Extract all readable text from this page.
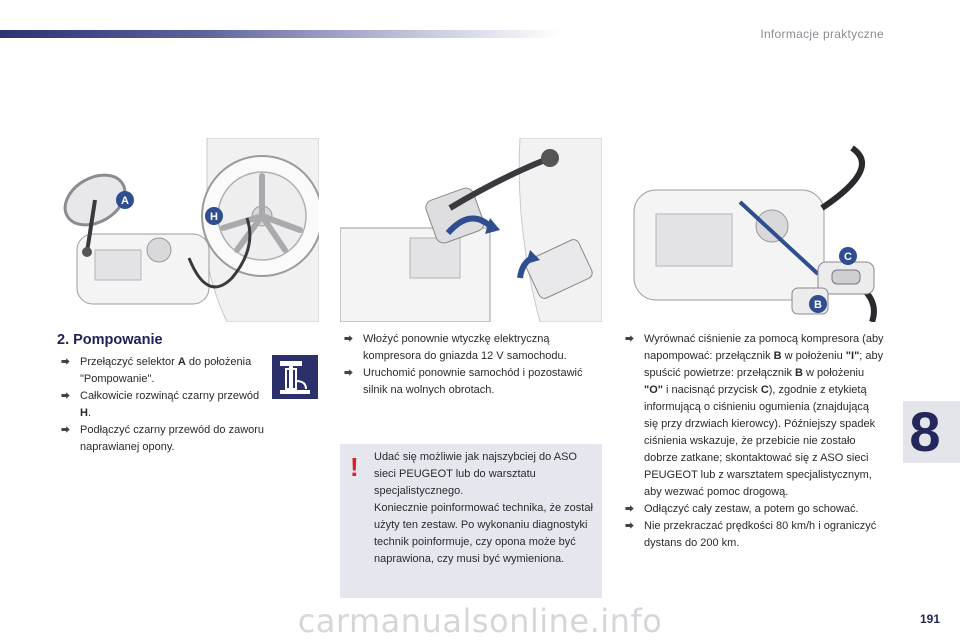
Informacje praktyczne
A
H
C
B
2. Pompowanie
⮕ Przełączyć selektor A do położenia "Pompowanie".
⮕ Całkowicie rozwinąć czarny przewód H.
⮕ Podłączyć czarny przewód do zaworu naprawianej opony.
⮕ Włożyć ponownie wtyczkę elektryczną kompresora do gniazda 12 V samochodu.
⮕ Uruchomić ponownie samochód i pozostawić silnik na wolnych obrotach.
! Udać się możliwie jak najszybciej do ASO sieci PEUGEOT lub do warsztatu specjalistycznego.
Koniecznie poinformować technika, że został użyty ten zestaw. Po wykonaniu diagnostyki technik poinformuje, czy opona może być naprawiona, czy musi być wymieniona.
⮕ Wyrównać ciśnienie za pomocą kompresora (aby napompować: przełącznik B w położeniu "I"; aby spuścić powietrze: przełącznik B w położeniu "O" i nacisnąć przycisk C), zgodnie z etykietą informującą o ciśnieniu ogumienia (znajdującą się przy drzwiach kierowcy). Późniejszy spadek ciśnienia wskazuje, że przebicie nie zostało dobrze zatkane; skontaktować się z ASO sieci PEUGEOT lub z warsztatem specjalistycznym, aby wezwać pomoc drogową.
⮕ Odłączyć cały zestaw, a potem go schować.
⮕ Nie przekraczać prędkości 80 km/h i ograniczyć dystans do 200 km.
8
191
carmanualsonline.info
